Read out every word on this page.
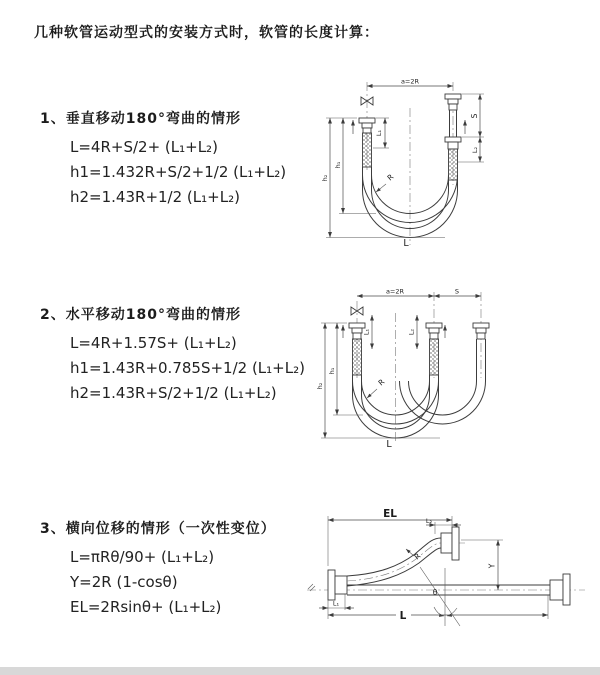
几种软管运动型式的安装方式时，软管的长度计算：
1、垂直移动180°弯曲的情形
L=4R+S/2+ (L₁+L₂)
h1=1.432R+S/2+1/2 (L₁+L₂)
h2=1.43R+1/2 (L₁+L₂)
2、水平移动180°弯曲的情形
L=4R+1.57S+ (L₁+L₂)
h1=1.43R+0.785S+1/2 (L₁+L₂)
h2=1.43R+S/2+1/2 (L₁+L₂)
3、横向位移的情形（一次性变位）
L=πRθ/90+ (L₁+L₂)
Y=2R (1-cosθ)
EL=2Rsinθ+ (L₁+L₂)
a=2R
R
h₁
h₂
L₁
S
L₂
L
a=2R	S
R
h₁
h₂
L₁	L₂
L
EL
L₂
Y
θ
R
L₁
L
